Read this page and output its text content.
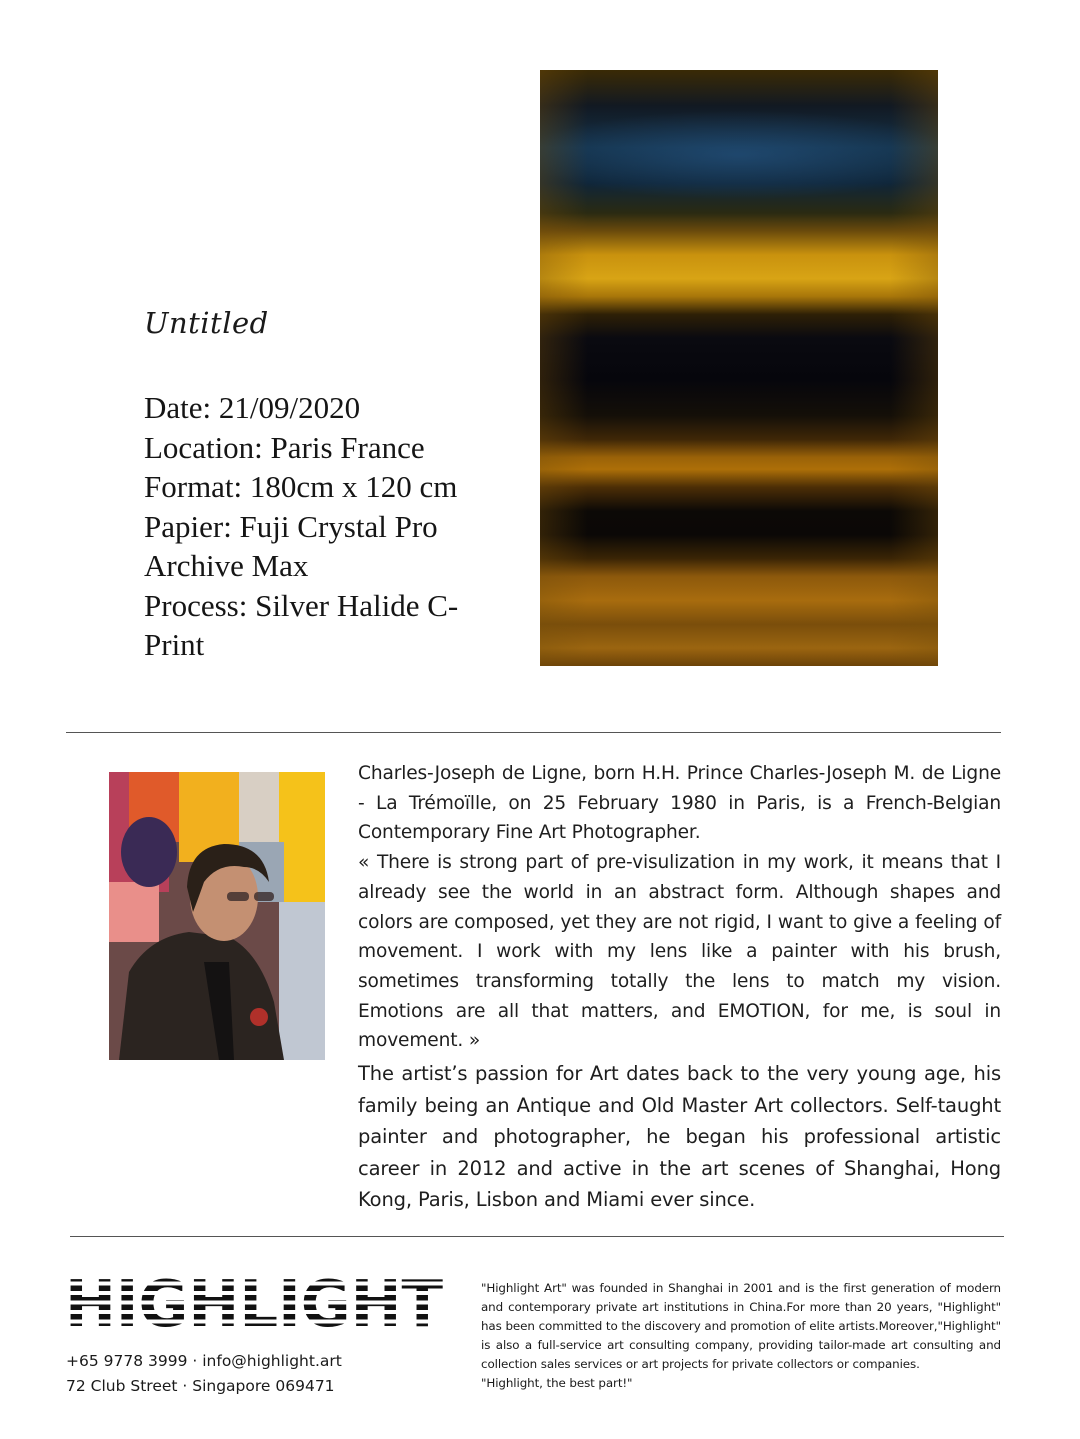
Untitled
Date: 21/09/2020
Location: Paris France
Format: 180cm x 120 cm
Papier: Fuji Crystal Pro Archive Max
Process: Silver Halide C-Print

Charles-Joseph de Ligne, born H.H. Prince Charles-Joseph M. de Ligne - La Trémoïlle, on 25 February 1980 in Paris, is a French-Belgian Contemporary Fine Art Photographer.

« There is strong part of pre-visulization in my work, it means that I already see the world in an abstract form. Although shapes and colors are composed, yet they are not rigid, I want to give a feeling of movement. I work with my lens like a painter with his brush, sometimes transforming totally the lens to match my vision. Emotions are all that matters, and EMOTION, for me, is soul in movement. »

The artist’s passion for Art dates back to the very young age, his family being an Antique and Old Master Art collectors. Self-taught painter and photographer, he began his professional artistic career in 2012 and active in the art scenes of Shanghai, Hong Kong, Paris, Lisbon and Miami ever since.

+65 9778 3999 · info@highlight.art
72 Club Street · Singapore 069471

"Highlight Art" was founded in Shanghai in 2001 and is the first generation of modern and contemporary private art institutions in China.For more than 20 years, "Highlight" has been committed to the discovery and promotion of elite artists.Moreover,"Highlight" is also a full-service art consulting company, providing tailor-made art consulting and collection sales services or art projects for private collectors or companies.

"Highlight, the best part!"
